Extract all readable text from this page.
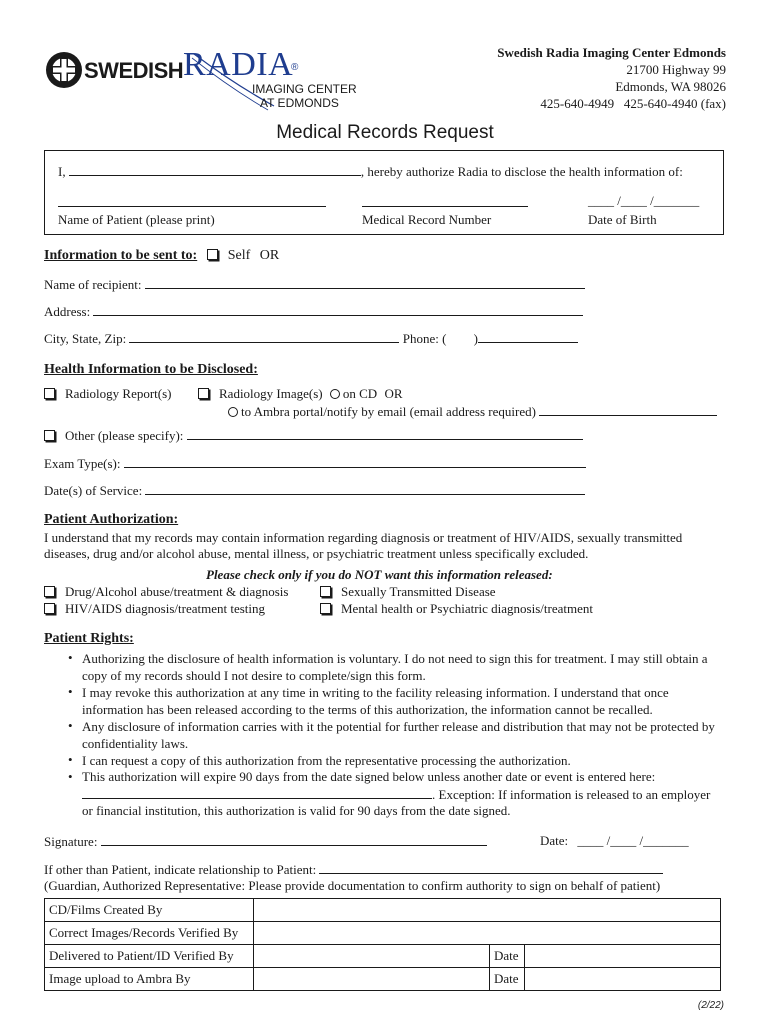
SWEDISH RADIA
®
IMAGING CENTER
AT EDMONDS
Swedish Radia Imaging Center Edmonds
21700 Highway 99
Edmonds, WA 98026
425-640-4949   425-640-4940 (fax)
Medical Records Request
I,	, hereby authorize Radia to disclose the health information of:
____ /____ /_______
Name of Patient (please print)	Medical Record Number	Date of Birth
Information to be sent to: Self OR
Name of recipient:
Address:
City, State, Zip:	Phone: ( )
Health Information to be Disclosed:
Radiology Report(s)	Radiology Image(s) on CD OR
to Ambra portal/notify by email (email address required)
Other (please specify):
Exam Type(s):
Date(s) of Service:
Patient Authorization:
I understand that my records may contain information regarding diagnosis or treatment of HIV/AIDS, sexually transmitted
diseases, drug and/or alcohol abuse, mental illness, or psychiatric treatment unless specifically excluded.
Please check only if you do NOT want this information released:
Drug/Alcohol abuse/treatment & diagnosis	Sexually Transmitted Disease
HIV/AIDS diagnosis/treatment testing	Mental health or Psychiatric diagnosis/treatment
Patient Rights:
• Authorizing the disclosure of health information is voluntary. I do not need to sign this for treatment. I may still obtain a copy of my records should I not desire to complete/sign this form.
• I may revoke this authorization at any time in writing to the facility releasing information. I understand that once information has been released according to the terms of this authorization, the information cannot be recalled.
• Any disclosure of information carries with it the potential for further release and distribution that may not be protected by confidentiality laws.
• I can request a copy of this authorization from the representative processing the authorization.
• This authorization will expire 90 days from the date signed below unless another date or event is entered here:
. Exception: If information is released to an employer
or financial institution, this authorization is valid for 90 days from the date signed.
Signature:	Date: ____ /____ /_______
If other than Patient, indicate relationship to Patient:
(Guardian, Authorized Representative: Please provide documentation to confirm authority to sign on behalf of patient)
CD/Films Created By			
Correct Images/Records Verified By			
Delivered to Patient/ID Verified By		Date	
Image upload to Ambra By		Date	
(2/22)
